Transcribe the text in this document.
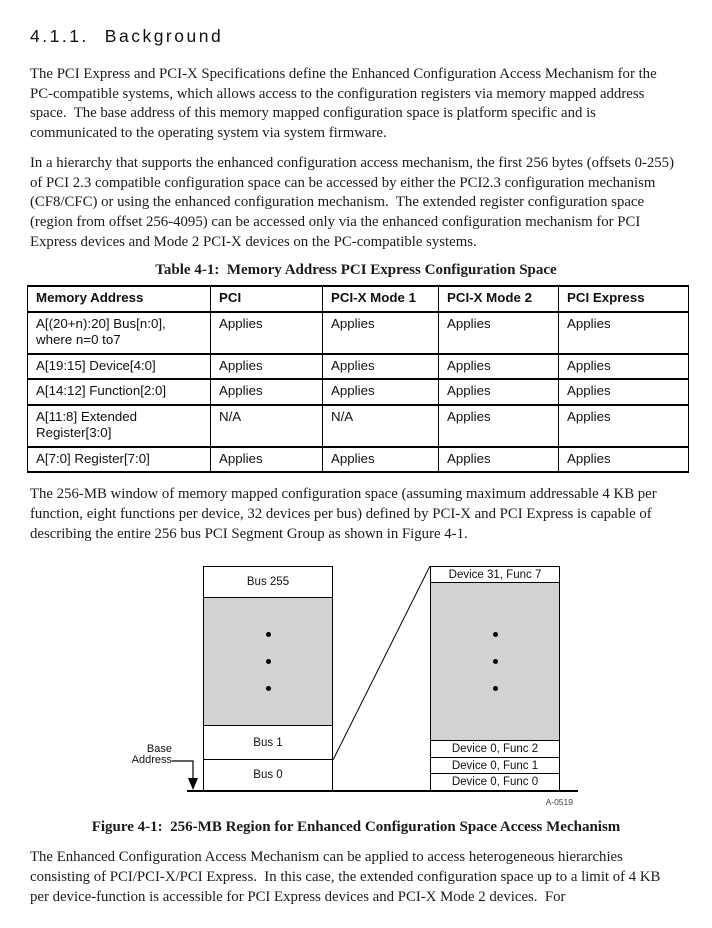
4.1.1. Background

The PCI Express and PCI-X Specifications define the Enhanced Configuration Access Mechanism for the PC-compatible systems, which allows access to the configuration registers via memory mapped address space.  The base address of this memory mapped configuration space is platform specific and is communicated to the operating system via system firmware.

In a hierarchy that supports the enhanced configuration access mechanism, the first 256 bytes (offsets 0-255) of PCI 2.3 compatible configuration space can be accessed by either the PCI2.3 configuration mechanism (CF8/CFC) or using the enhanced configuration mechanism.  The extended register configuration space (region from offset 256-4095) can be accessed only via the enhanced configuration mechanism for PCI Express devices and Mode 2 PCI-X devices on the PC-compatible systems.

Table 4-1:  Memory Address PCI Express Configuration Space
Memory Address	PCI	PCI-X Mode 1	PCI-X Mode 2	PCI Express
A[(20+n):20] Bus[n:0], where n=0 to7	Applies	Applies	Applies	Applies
A[19:15] Device[4:0]	Applies	Applies	Applies	Applies
A[14:12] Function[2:0]	Applies	Applies	Applies	Applies
A[11:8] Extended Register[3:0]	N/A	N/A	Applies	Applies
A[7:0] Register[7:0]	Applies	Applies	Applies	Applies

The 256-MB window of memory mapped configuration space (assuming maximum addressable 4 KB per function, eight functions per device, 32 devices per bus) defined by PCI-X and PCI Express is capable of describing the entire 256 bus PCI Segment Group as shown in Figure 4-1.

Bus 255
Bus 1
Bus 0
Device 31, Func 7
Device 0, Func 2
Device 0, Func 1
Device 0, Func 0
Base
Address
A-0519
Figure 4-1:  256-MB Region for Enhanced Configuration Space Access Mechanism

The Enhanced Configuration Access Mechanism can be applied to access heterogeneous hierarchies consisting of PCI/PCI-X/PCI Express.  In this case, the extended configuration space up to a limit of 4 KB per device-function is accessible for PCI Express devices and PCI-X Mode 2 devices.  For
